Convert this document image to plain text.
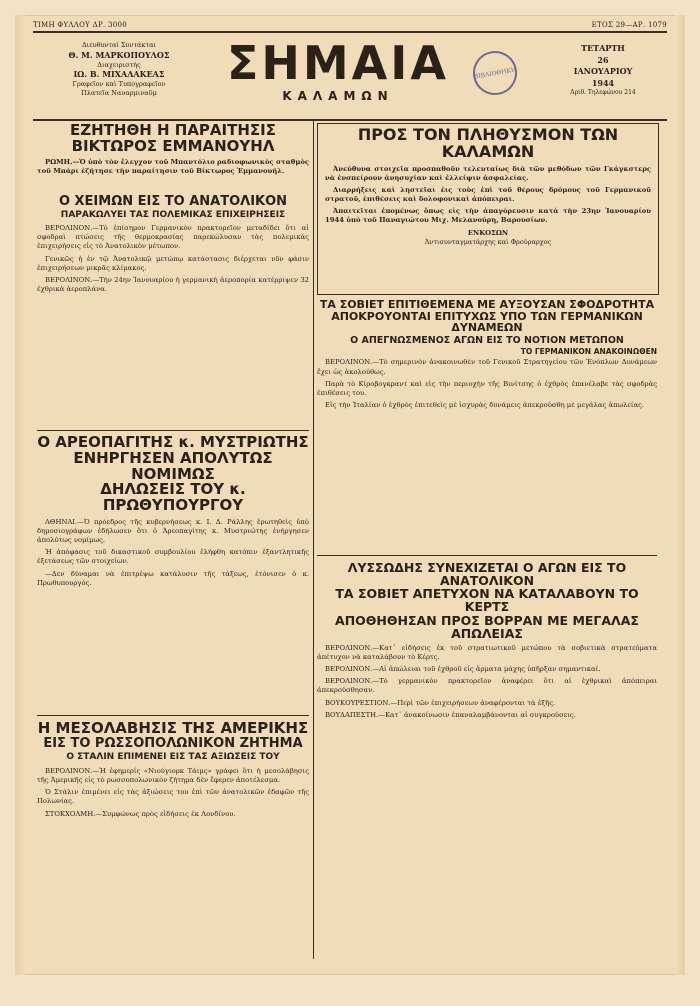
ΤΙΜΗ ΦΥΛΛΟΥ ΔΡ. 3000	ΕΤΟΣ 29—ΑΡ. 1079
Διευθυνταί Συντάκται
Θ. Μ. ΜΑΡΚΟΠΟΥΛΟΣ
Διαχειριστής
ΙΩ. Β. ΜΙΧΑΛΑΚΕΑΣ
Γραφεῖον καὶ Τυπογραφεῖον
Πλατεῖα Ναυαρμιναῦμ
ΣΗΜΑΙΑ
ΚΑΛΑΜΩΝ
ΒΙΒΛΙΟΘΗΚΗ
ΤΕΤΑΡΤΗ
26
ΙΑΝΟΥΑΡΙΟΥ
1944
Αριθ. Τηλεφώνου 214
ΕΖΗΤΗΘΗ Η ΠΑΡΑΙΤΗΣΙΣ
ΒΙΚΤΩΡΟΣ ΕΜΜΑΝΟΥΗΛ

ΡΩΜΗ.—Ὁ ὑπὸ τὸν ἔλεγχον τοῦ Μπαντόλιο ραδιοφωνικὸς σταθμὸς τοῦ Μπάρι ἐζήτησε τὴν παραίτησιν τοῦ Βίκτωρος Ἐμμανουήλ.

Ο ΧΕΙΜΩΝ ΕΙΣ ΤΟ ΑΝΑΤΟΛΙΚΟΝ
ΠΑΡΑΚΩΛΥΕΙ ΤΑΣ ΠΟΛΕΜΙΚΑΣ ΕΠΙΧΕΙΡΗΣΕΙΣ

ΒΕΡΟΛΙΝΟΝ.—Τὸ ἐπίσημον Γερμανικὸν πρακτορεῖον μεταδίδει ὅτι αἱ σφοδραὶ πτώσεις τῆς θερμοκρασίας παρεκώλυσαν τὰς πολεμικὰς ἐπιχειρήσεις εἰς τὸ Ἀνατολικὸν μέτωπον.

Γενικῶς ἡ ἐν τῷ Ἀνατολικῷ μετώπῳ κατάστασις διέρχεται νῦν φάσιν ἐπιχειρήσεων μικρᾶς κλίμακος.

ΒΕΡΟΛΙΝΟΝ.—Τὴν 24ην Ἰανουαρίου ἡ γερμανικὴ ἀεροπορία κατέρριψεν 32 ἐχθρικὰ ἀεροπλάνα.

ΠΡΟΣ ΤΟΝ ΠΛΗΘΥΣΜΟΝ ΤΩΝ ΚΑΛΑΜΩΝ

Ἀνεύθυνα στοιχεῖα προσπαθοῦν τελευταίως διὰ τῶν μεθόδων τῶν Γκάγκστερς νὰ ἐνσπείρουν ἀνησυχίαν καὶ ἐλλείψιν ἀσφαλείας.

Διαρρήξεις καὶ ληστεῖαι ἐις τοὺς ἐπὶ τοῦ θέρους δρόμους τοῦ Γερμανικοῦ στρατοῦ, ἐπιθέσεις καὶ δολοφονικαὶ ἀπόπειραι.

Ἀπαιτεῖται ἐπομένως ὅπως εἰς τὴν ἀπαγόρευσιν κατὰ τὴν 23ην Ἰανουαρίου 1944 ὑπὸ τοῦ Παναγιώτου Μιχ. Μελανούρη, Βαρουσίων.

ΕΝΚΟΣΩΝ
Ἀντισυνταγματάρχης καὶ Φρούραρχος
ΤΑ ΣΟΒΙΕΤ ΕΠΙΤΙΘΕΜΕΝΑ ΜΕ ΑΥΞΟΥΣΑΝ ΣΦΟΔΡΟΤΗΤΑ
ΑΠΟΚΡΟΥΟΝΤΑΙ ΕΠΙΤΥΧΩΣ ΥΠΟ ΤΩΝ ΓΕΡΜΑΝΙΚΩΝ ΔΥΝΑΜΕΩΝ
Ο ΑΠΕΓΝΩΣΜΕΝΟΣ ΑΓΩΝ ΕΙΣ ΤΟ ΝΟΤΙΟΝ ΜΕΤΩΠΟΝ
ΤΟ ΓΕΡΜΑΝΙΚΟΝ ΑΝΑΚΟΙΝΩΘΕΝ

ΒΕΡΟΛΙΝΟΝ.—Τὸ σημερινὸν ἀνακοινωθὲν τοῦ Γενικοῦ Στρατηγείου τῶν Ἐνόπλων Δυνάμεων ἔχει ὡς ἀκολούθως.

Παρὰ τὸ Κίροβογκραντ καὶ εἰς τὴν περιοχὴν τῆς Βινίτσης ὁ ἐχθρὸς ἐπανέλαβε τὰς σφοδρὰς ἐπιθέσεις του.

Εἰς τὴν Ἰταλίαν ὁ ἐχθρὸς ἐπιτεθεὶς μὲ ἰσχυρὰς δυνάμεις ἀπεκρούσθη μὲ μεγάλας ἀπωλείας.

Ο ΑΡΕΟΠΑΓΙΤΗΣ κ. ΜΥΣΤΡΙΩΤΗΣ
ΕΝΗΡΓΗΣΕΝ ΑΠΟΛΥΤΩΣ ΝΟΜΙΜΩΣ
ΔΗΛΩΣΕΙΣ ΤΟΥ κ. ΠΡΩΘΥΠΟΥΡΓΟΥ

ΑΘΗΝΑΙ.—Ὁ πρόεδρος τῆς κυβερνήσεως κ. Ι. Δ. Ράλλης ἐρωτηθεὶς ὑπὸ δημοσιογράφων ἐδήλωσεν ὅτι ὁ Ἀρεοπαγίτης κ. Μυστριώτης ἐνήργησεν ἀπολύτως νομίμως.

Ἡ ἀπόφασις τοῦ δικαστικοῦ συμβουλίου ἐλήφθη κατόπιν ἐξαντλητικῆς ἐξετάσεως τῶν στοιχείων.

—Δεν δύναμαι νὰ ἐπιτρέψω κατάλυσιν τῆς τάξεως, ἐτόνισεν ὁ κ. Πρωθυπουργός.

ΛΥΣΣΩΔΗΣ ΣΥΝΕΧΙΖΕΤΑΙ Ο ΑΓΩΝ ΕΙΣ ΤΟ ΑΝΑΤΟΛΙΚΟΝ
ΤΑ ΣΟΒΙΕΤ ΑΠΕΤΥΧΟΝ ΝΑ ΚΑΤΑΛΑΒΟΥΝ ΤΟ ΚΕΡΤΣ
ΑΠΟΘΗΘΗΣΑΝ ΠΡΟΣ ΒΟΡΡΑΝ ΜΕ ΜΕΓΑΛΑΣ ΑΠΩΛΕΙΑΣ

ΒΕΡΟΛΙΝΟΝ.—Κατ᾽ εἰδήσεις ἐκ τοῦ στρατιωτικοῦ μετώπου τὰ σοβιετικὰ στρατεύματα ἀπέτυχον νὰ καταλάβουν τὸ Κέρτς.

ΒΕΡΟΛΙΝΟΝ.—Αἱ ἀπώλειαι τοῦ ἐχθροῦ εἰς ἄρματα μάχης ὑπῆρξαν σημαντικαί.

ΒΕΡΟΛΙΝΟΝ.—Τὸ γερμανικὸν πρακτορεῖον ἀναφέρει ὅτι αἱ ἐχθρικαὶ ἀπόπειραι ἀπεκρούσθησαν.

ΒΟΥΚΟΥΡΕΣΤΙΟΝ.—Περὶ τῶν ἐπιχειρήσεων ἀναφέρονται τὰ ἑξῆς.

ΒΟΥΔΑΠΕΣΤΗ.—Κατ᾽ ἀνακοίνωσιν ἐπαναλαμβάνονται αἱ συγκρούσεις.

Η ΜΕΣΟΛΑΒΗΣΙΣ ΤΗΣ ΑΜΕΡΙΚΗΣ
ΕΙΣ ΤΟ ΡΩΣΣΟΠΟΛΩΝΙΚΟΝ ΖΗΤΗΜΑ
Ο ΣΤΑΛΙΝ ΕΠΙΜΕΝΕΙ ΕΙΣ ΤΑΣ ΑΞΙΩΣΕΙΣ ΤΟΥ

ΒΕΡΟΛΙΝΟΝ.—Ἡ ἐφημερίς «Νιούγιορκ Τάιμς» γράφει ὅτι ἡ μεσολάβησις τῆς Ἀμερικῆς εἰς τὸ ρωσσοπολωνικὸν ζήτημα δὲν ἔφερεν ἀποτέλεσμα.

Ὁ Στάλιν ἐπιμένει εἰς τὰς ἀξιώσεις του ἐπὶ τῶν ἀνατολικῶν ἐδαφῶν τῆς Πολωνίας.

ΣΤΟΚΧΟΛΜΗ.—Συμφώνως πρὸς εἰδήσεις ἐκ Λονδίνου.
